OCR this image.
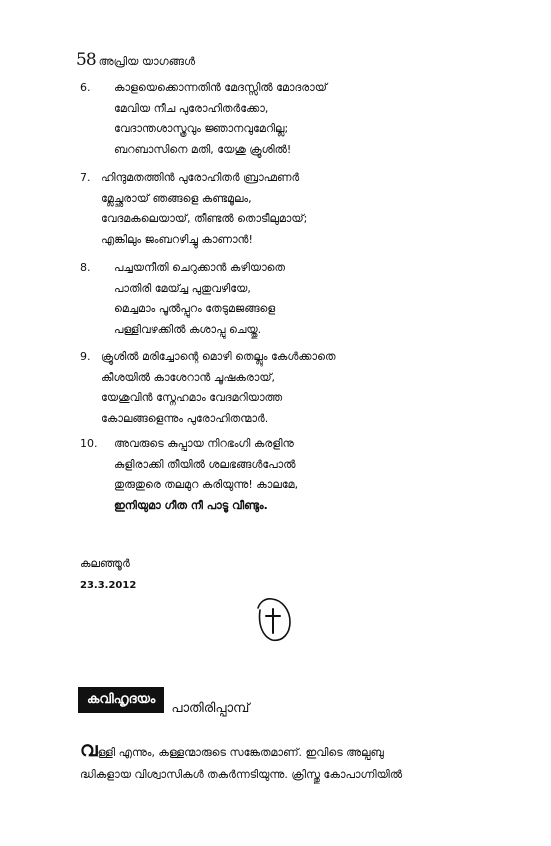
58 അപ്രിയ യാഗങ്ങൾ
6.	കാളയെക്കൊന്നതിൻ മേദസ്സിൽ മോദരായ്
മേവിയ നീച പുരോഹിതർക്കോ,
വേദാന്തശാസ്ത്രവും ജ്ഞാനവുമേറില്ല;
ബറബാസിനെ മതി, യേശു ക്രൂശിൽ!
7. ഹിന്ദുമതത്തിൻ പുരോഹിതർ ബ്രാഹ്മണർ
മ്ലേച്ഛരായ് ഞങ്ങളെ കണ്ടമൂലം,
വേദമകലെയായ്, തീണ്ടൽ തൊടീലുമായ്;
എങ്കിലും ജംബറഴിച്ചു കാണാൻ!
8.	പച്ചയനീതി ചെറുക്കാൻ കഴിയാതെ
പാതിരി മേയ്ച്ച പുതുവഴിയേ,
മെച്ചമാം പൂൽപ്പുറം തേടുമജങ്ങളെ
പള്ളിവഴക്കിൽ കശാപ്പു ചെയ്തു.
9. ക്രൂശിൽ മരിച്ചോന്റെ മൊഴി തെല്ലും കേൾക്കാതെ
കീശയിൽ കാശേറാൻ ചൂഷകരായ്,
യേശുവിൻ സ്നേഹമാം വേദമറിയാത്ത
കോലങ്ങളെന്നും പുരോഹിതന്മാർ.
10.	അവരുടെ കുപ്പായ നിറഭംഗി കരളിനു
കുളിരാക്കി തീയിൽ ശലഭങ്ങൾപോൽ
തുരുതുരെ തലമുറ കരിയുന്നു! കാലമേ,
ഇനിയുമാ ഗീത നീ പാടൂ വീണ്ടും.
കലഞ്ഞൂർ
23.3.2012
കവിഹൃദയം
പാതിരിപ്പാമ്പ്
വള്ളി എന്നും, കള്ളന്മാരുടെ സങ്കേതമാണ്. ഇവിടെ അല്പബു
ദ്ധികളായ വിശ്വാസികൾ തകർന്നടിയുന്നു. ക്രിസ്തു കോപാഗ്നിയിൽ
